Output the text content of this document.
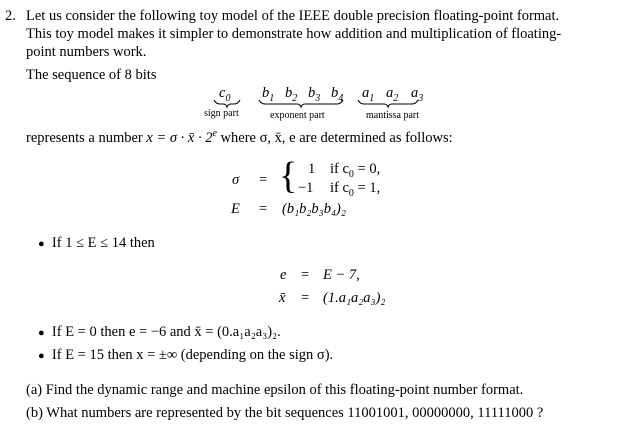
2. Let us consider the following toy model of the IEEE double precision floating-point format.
This toy model makes it simpler to demonstrate how addition and multiplication of floating-
point numbers work.
The sequence of 8 bits
$c_0$ $b_1$ $b_2$ $b_3$ $b_4$ $a_1$ $a_2$ $a_3$
sign part	exponent part	mantissa part
represents a number x = σ · x̄ · $2^e$ where σ, x̄, e are determined as follows:
σ = { 1 if $c_0 = 0$,
−1 if $c_0 = 1$,
E = (b₁b₂b₃b₄)₂
● If 1 ≤ E ≤ 14 then
e = E − 7,
x̄ = (1.a₁a₂a₃)₂
● If E = 0 then e = −6 and x̄ = (0.a₁a₂a₃)₂.
● If E = 15 then x = ±∞ (depending on the sign σ).
(a) Find the dynamic range and machine epsilon of this floating-point number format.
(b) What numbers are represented by the bit sequences 11001001, 00000000, 11111000 ?
